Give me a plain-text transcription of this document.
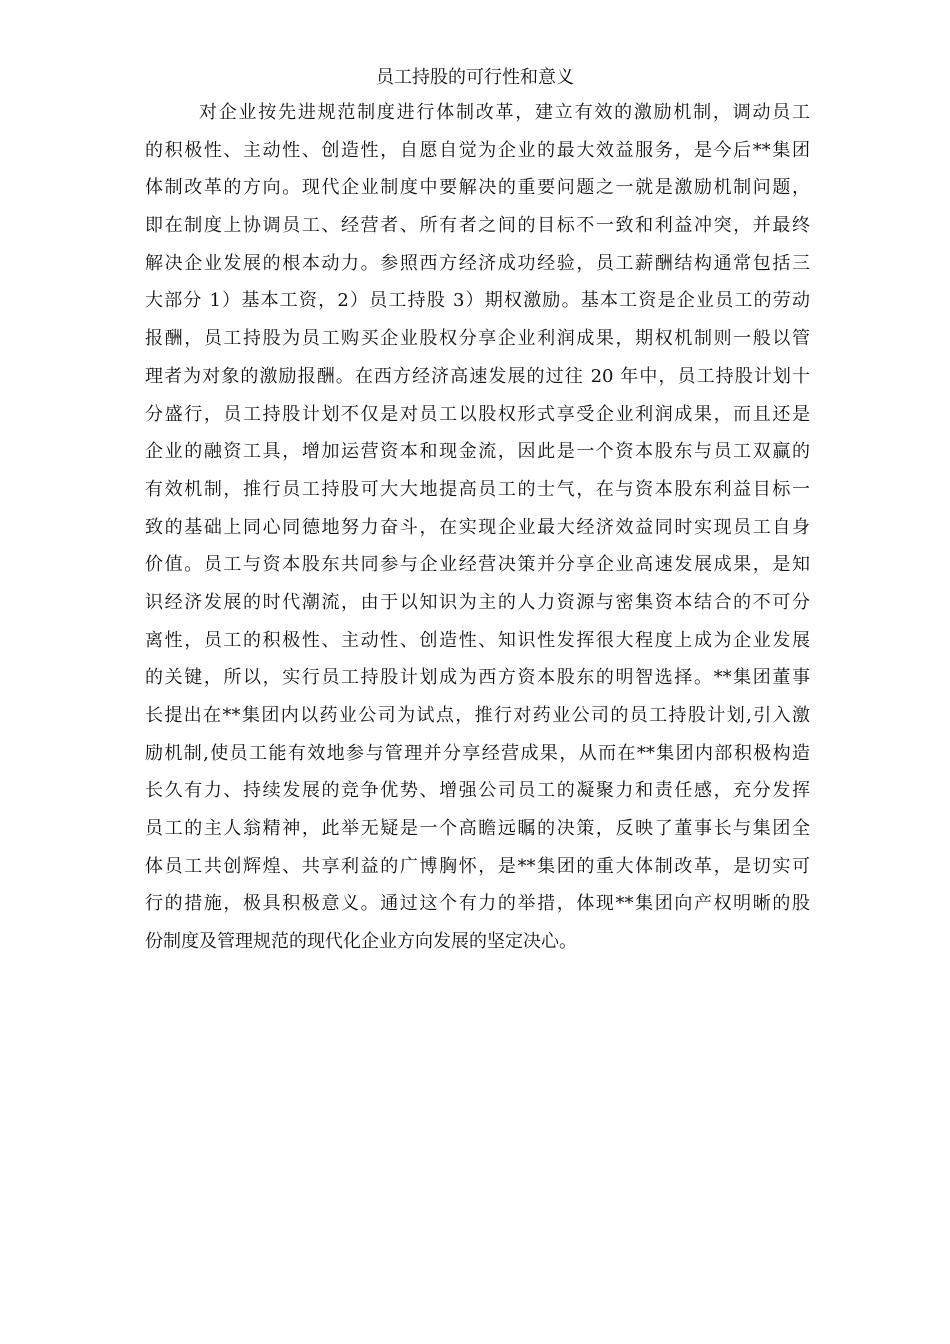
员工持股的可行性和意义
对企业按先进规范制度进行体制改革，建立有效的激励机制，调动员工
的积极性、主动性、创造性，自愿自觉为企业的最大效益服务，是今后**集团
体制改革的方向。现代企业制度中要解决的重要问题之一就是激励机制问题，
即在制度上协调员工、经营者、所有者之间的目标不一致和利益冲突，并最终
解决企业发展的根本动力。参照西方经济成功经验，员工薪酬结构通常包括三
大部分 1）基本工资，2）员工持股 3）期权激励。基本工资是企业员工的劳动
报酬，员工持股为员工购买企业股权分享企业利润成果，期权机制则一般以管
理者为对象的激励报酬。在西方经济高速发展的过往 20 年中，员工持股计划十
分盛行，员工持股计划不仅是对员工以股权形式享受企业利润成果，而且还是
企业的融资工具，增加运营资本和现金流，因此是一个资本股东与员工双赢的
有效机制，推行员工持股可大大地提高员工的士气，在与资本股东利益目标一
致的基础上同心同德地努力奋斗，在实现企业最大经济效益同时实现员工自身
价值。员工与资本股东共同参与企业经营决策并分享企业高速发展成果，是知
识经济发展的时代潮流，由于以知识为主的人力资源与密集资本结合的不可分
离性，员工的积极性、主动性、创造性、知识性发挥很大程度上成为企业发展
的关键，所以，实行员工持股计划成为西方资本股东的明智选择。**集团董事
长提出在**集团内以药业公司为试点，推行对药业公司的员工持股计划,引入激
励机制,使员工能有效地参与管理并分享经营成果，从而在**集团内部积极构造
长久有力、持续发展的竞争优势、增强公司员工的凝聚力和责任感，充分发挥
员工的主人翁精神，此举无疑是一个高瞻远瞩的决策，反映了董事长与集团全
体员工共创辉煌、共享利益的广博胸怀，是**集团的重大体制改革，是切实可
行的措施，极具积极意义。通过这个有力的举措，体现**集团向产权明晰的股
份制度及管理规范的现代化企业方向发展的坚定决心。
